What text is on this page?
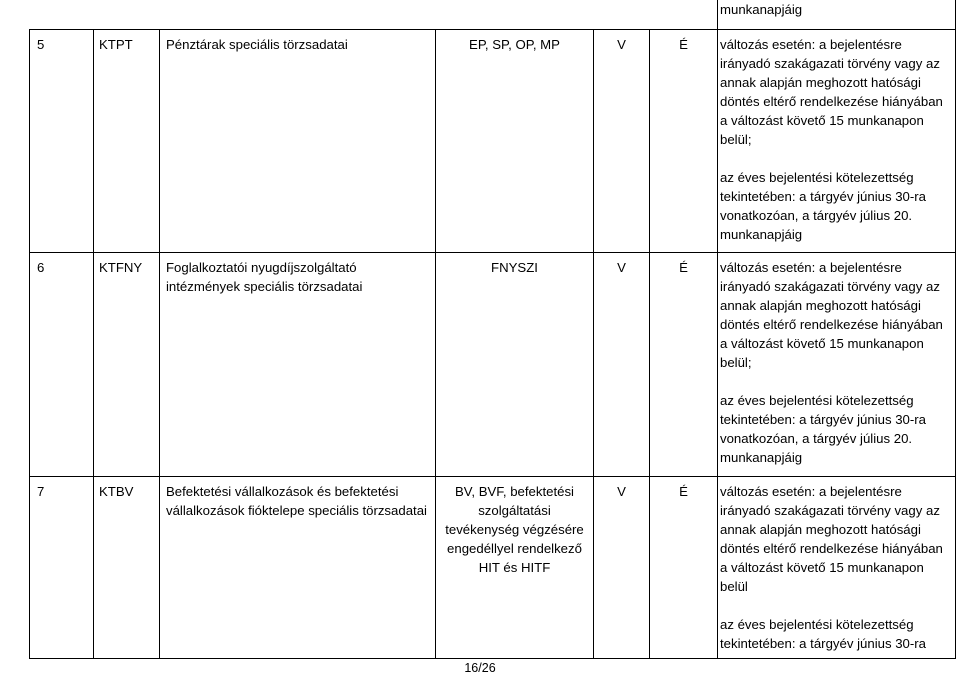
						munkanapjáig

5	KTPT	Pénztárak speciális törzsadatai	EP, SP, OP, MP	V	É	változás esetén: a bejelentésre irányadó szakágazati törvény vagy az annak alapján meghozott hatósági döntés eltérő rendelkezése hiányában a változást követő 15 munkanapon belül;

az éves bejelentési kötelezettség tekintetében: a tárgyév június 30-ra vonatkozóan, a tárgyév július 20. munkanapjáig

6	KTFNY	Foglalkoztatói nyugdíjszolgáltató intézmények speciális törzsadatai	FNYSZI	V	É	változás esetén: a bejelentésre irányadó szakágazati törvény vagy az annak alapján meghozott hatósági döntés eltérő rendelkezése hiányában a változást követő 15 munkanapon belül;

az éves bejelentési kötelezettség tekintetében: a tárgyév június 30-ra vonatkozóan, a tárgyév július 20. munkanapjáig

7	KTBV	Befektetési vállalkozások és befektetési vállalkozások fióktelepe speciális törzsadatai	BV, BVF, befektetési szolgáltatási tevékenység végzésére engedéllyel rendelkező HIT és HITF	V	É	változás esetén: a bejelentésre irányadó szakágazati törvény vagy az annak alapján meghozott hatósági döntés eltérő rendelkezése hiányában a változást követő 15 munkanapon belül

az éves bejelentési kötelezettség tekintetében: a tárgyév június 30-ra

16/26
